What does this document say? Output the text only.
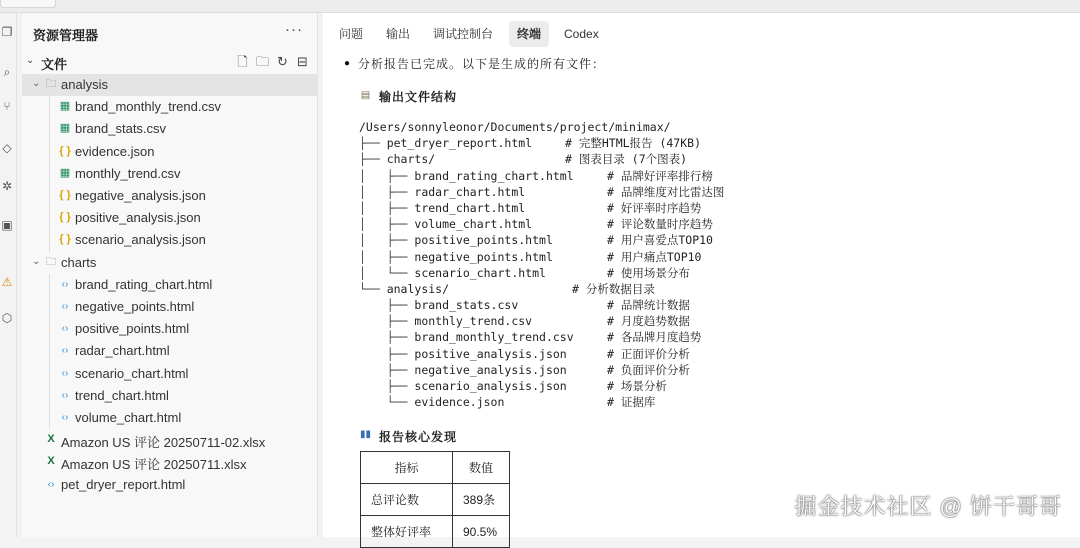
❐
⌕
⑂
◇
✲
▣
⚠
⬡
资源管理器	···
⌄ 文件	🗋 🗀 ↻ ⊟
⌄ 🗀 analysis
▦ brand_monthly_trend.csv
▦ brand_stats.csv
{ } evidence.json
▦ monthly_trend.csv
{ } negative_analysis.json
{ } positive_analysis.json
{ } scenario_analysis.json
⌄ 🗀 charts
‹› brand_rating_chart.html
‹› negative_points.html
‹› positive_points.html
‹› radar_chart.html
‹› scenario_chart.html
‹› trend_chart.html
‹› volume_chart.html
X Amazon US 评论 20250711-02.xlsx
X Amazon US 评论 20250711.xlsx
‹› pet_dryer_report.html
问题	输出	调试控制台	终端	Codex
● 分析报告已完成。以下是生成的所有文件：
▤ 输出文件结构
/Users/sonnyleonor/Documents/project/minimax/
├── pet_dryer_report.html	# 完整HTML报告 (47KB)
├── charts/	# 图表目录 (7个图表)
│   ├── brand_rating_chart.html	# 品牌好评率排行榜
│   ├── radar_chart.html	# 品牌维度对比雷达图
│   ├── trend_chart.html	# 好评率时序趋势
│   ├── volume_chart.html	# 评论数量时序趋势
│   ├── positive_points.html	# 用户喜爱点TOP10
│   ├── negative_points.html	# 用户痛点TOP10
│   └── scenario_chart.html	# 使用场景分布
└── analysis/	# 分析数据目录
├── brand_stats.csv	# 品牌统计数据
├── monthly_trend.csv	# 月度趋势数据
├── brand_monthly_trend.csv	# 各品牌月度趋势
├── positive_analysis.json	# 正面评价分析
├── negative_analysis.json	# 负面评价分析
├── scenario_analysis.json	# 场景分析
└── evidence.json	# 证据库
▮▮ 报告核心发现
指标	数值
总评论数	389条
整体好评率	90.5%
掘金技术社区 @ 饼干哥哥
